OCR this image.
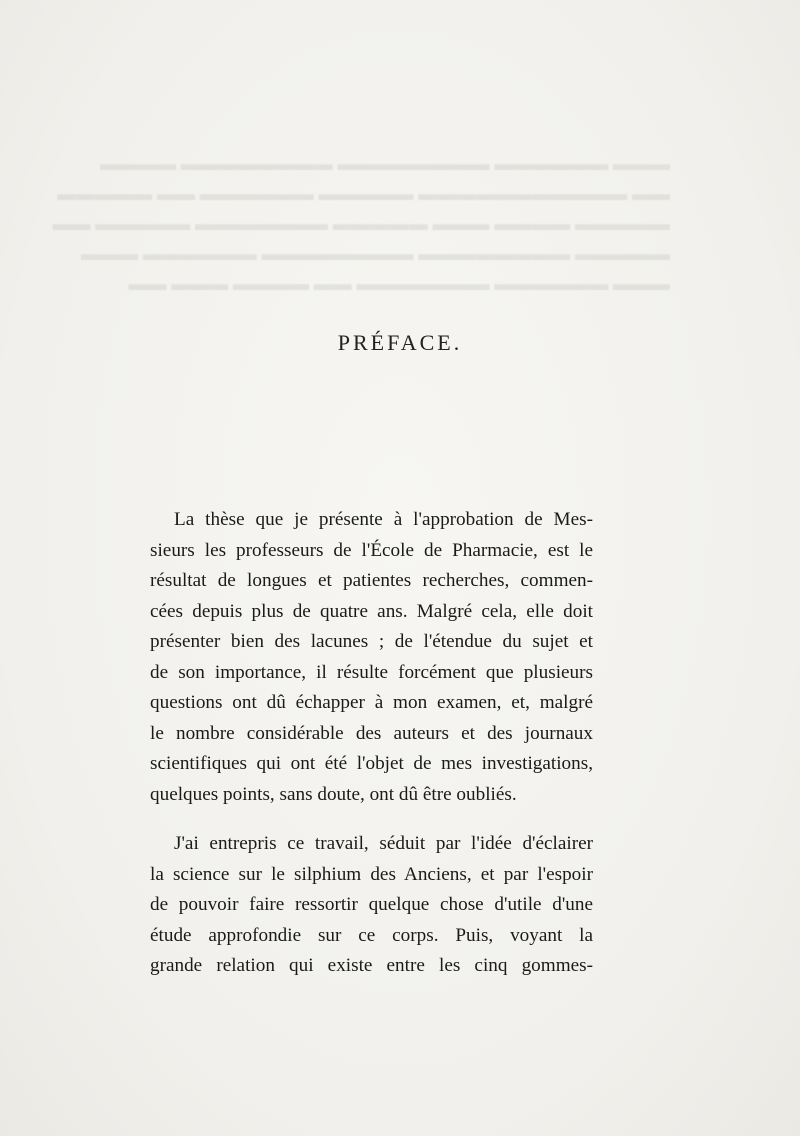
▬▬▬ ▬▬▬▬▬▬ ▬▬▬▬▬▬▬▬ ▬▬▬▬▬▬▬▬ ▬▬▬▬
▬▬ ▬▬▬▬▬▬▬▬▬▬▬ ▬▬▬▬▬ ▬▬▬▬▬▬ ▬▬ ▬▬▬▬▬
▬▬▬▬▬ ▬▬▬▬ ▬▬▬ ▬▬▬▬▬ ▬▬▬▬▬▬▬ ▬▬▬▬▬ ▬▬
▬▬▬▬▬ ▬▬▬▬▬▬▬▬ ▬▬▬▬▬▬▬▬ ▬▬▬▬▬▬ ▬▬▬
▬▬▬ ▬▬▬▬▬▬ ▬▬▬▬▬▬▬ ▬▬ ▬▬▬▬ ▬▬▬ ▬▬
PRÉFACE.

La thèse que je présente à l'approbation de Mes-
sieurs les professeurs de l'École de Pharmacie, est le
résultat de longues et patientes recherches, commen-
cées depuis plus de quatre ans. Malgré cela, elle doit
présenter bien des lacunes ; de l'étendue du sujet et
de son importance, il résulte forcément que plusieurs
questions ont dû échapper à mon examen, et, malgré
le nombre considérable des auteurs et des journaux
scientifiques qui ont été l'objet de mes investigations,
quelques points, sans doute, ont dû être oubliés.

J'ai entrepris ce travail, séduit par l'idée d'éclairer
la science sur le silphium des Anciens, et par l'espoir
de pouvoir faire ressortir quelque chose d'utile d'une
étude approfondie sur ce corps. Puis, voyant la
grande relation qui existe entre les cinq gommes-
